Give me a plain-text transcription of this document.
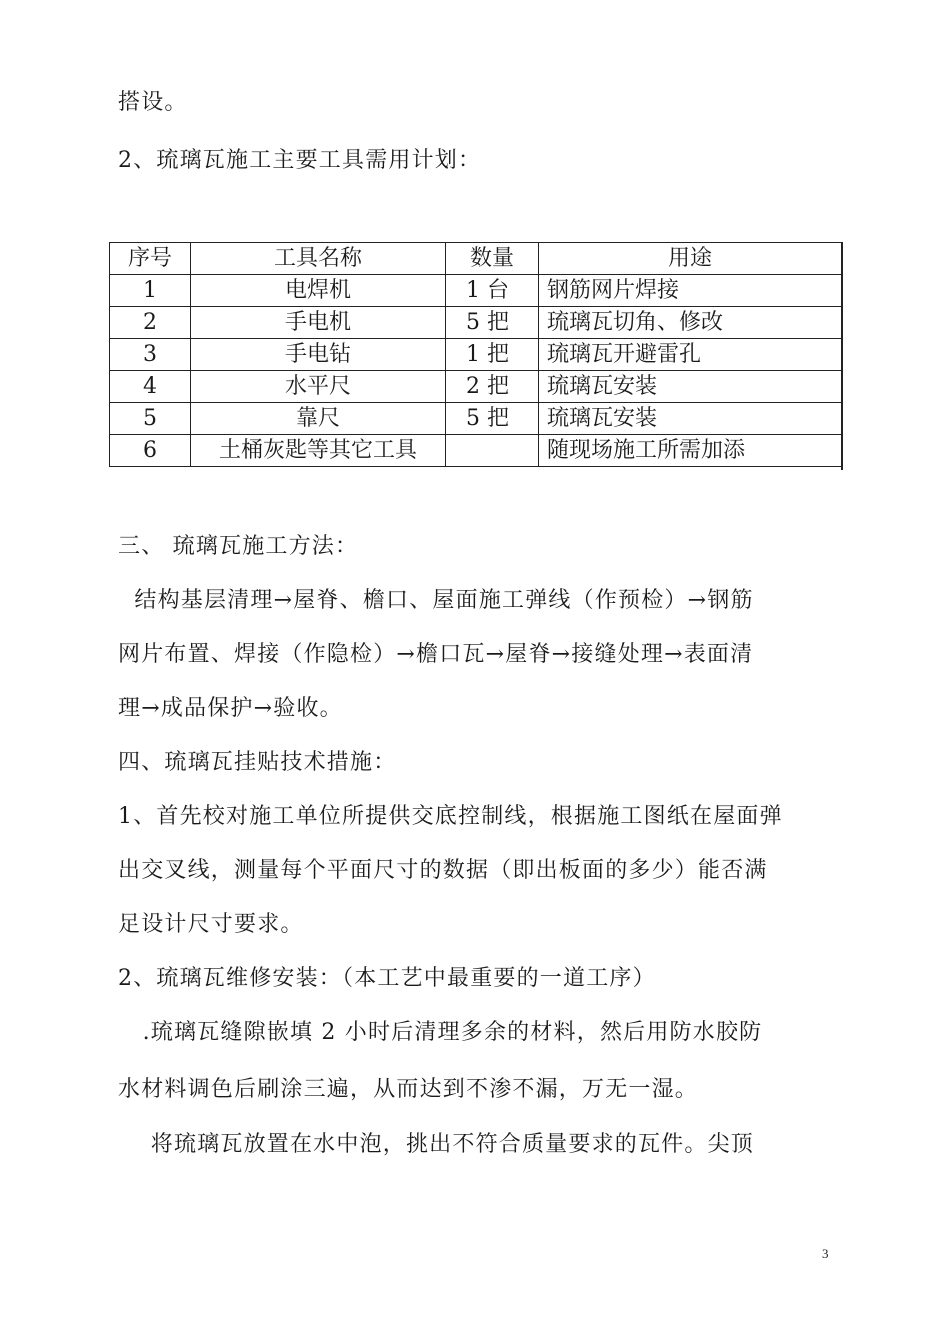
搭设。

2、琉璃瓦施工主要工具需用计划：

序号	工具名称	数量	用途
1	电焊机	1 台	钢筋网片焊接
2	手电机	5 把	琉璃瓦切角、修改
3	手电钻	1 把	琉璃瓦开避雷孔
4	水平尺	2 把	琉璃瓦安装
5	靠尺	5 把	琉璃瓦安装
6	土桶灰匙等其它工具		随现场施工所需加添

三、 琉璃瓦施工方法：

结构基层清理→屋脊、檐口、屋面施工弹线（作预检）→钢筋

网片布置、焊接（作隐检）→檐口瓦→屋脊→接缝处理→表面清

理→成品保护→验收。

四、琉璃瓦挂贴技术措施：

1、首先校对施工单位所提供交底控制线，根据施工图纸在屋面弹

出交叉线，测量每个平面尺寸的数据（即出板面的多少）能否满

足设计尺寸要求。

2、琉璃瓦维修安装：（本工艺中最重要的一道工序）

.琉璃瓦缝隙嵌填 2 小时后清理多余的材料，然后用防水胶防

水材料调色后刷涂三遍，从而达到不渗不漏，万无一湿。

将琉璃瓦放置在水中泡，挑出不符合质量要求的瓦件。尖顶

3
